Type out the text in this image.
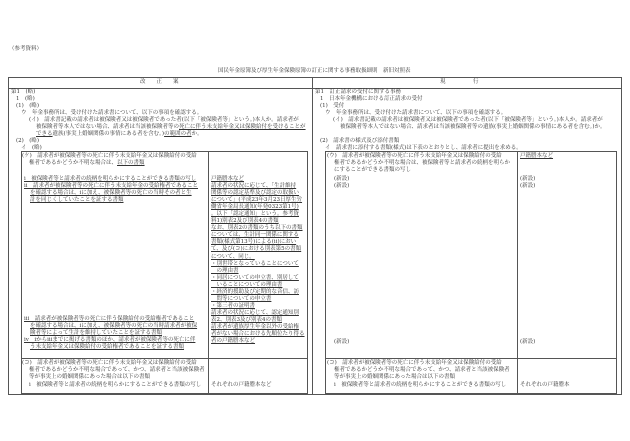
（参考資料）
国民年金原簿及び厚生年金保険原簿の訂正に関する事務取扱細則　新旧対照表
改　　正　　案	現　　　　　行
第1　(略)
1　(略)
(1)　(略)
ウ　年金事務所は、受け付けた請求書について、以下の事項を確認する。
(イ)　請求書記載の請求者は被保険者又は被保険者であった者(以下「被保険者等」という。)本人か。請求者が
被保険者等本人ではない場合、請求者は当該被保険者等の死亡に伴う未支給年金又は保険給付を受けることが
できる遺族(事実上婚姻関係の事情にある者を含む。)の範囲の者か。
(2)　(略)
イ　(略)
(ケ)　請求者が被保険者等の死亡に伴う未支給年金又は保険給付の受給
権者であるかどうか不明な場合は、以下の書類
i　被保険者等と請求者の続柄を明らかにすることができる書類の写し
ii　請求者が被保険者等の死亡に伴う未支給年金の受給権者であること
を確認する場合は、iに加え、被保険者等の死亡の当時その者と生
計を同じくしていたことを証する書類
iii　請求者が被保険者等の死亡に伴う保険給付の受給権者であること
を確認する場合は、iに加え、被保険者等の死亡の当時請求者が被保
険者等によって生計を維持していたことを証する書類
iv　iからiiiまでに掲げる書類のほか、請求者が被保険者等の死亡に伴
う未支給年金又は保険給付の受給権者であることを証する書類
戸籍謄本など
請求者の状況に応じて、「生計維持
関係等の認定基準及び認定の取扱い
について」(平成23年3月23日厚生労
働省年金局長通知(年発0323第1号)
。以下「認定通知」という。参考資
料1)別表2及び別表4の書類
なお、別表2の書類のうち以下の書類
については、生計同一関係に関する
書類(様式第13号)による(ii)におい
て、及び(コ)における別表第5の書類
について、同じ。
・別世帯となっていることについて
　の理由書
・同居についての申立書、別居して
　いることについての理由書
・経済的援助及び定期的な音信、訪
　問等についての申立書
・第三者の証明書
請求者の状況に応じて、認定通知別
表2、別表3及び別表4の書類
請求者が遺族厚生年金以外の受給権
者がない場合における先順位たり得る
者の戸籍謄本など
(コ)　請求者が被保険者等の死亡に伴う未支給年金又は保険給付の受給
権者であるかどうか不明な場合であって、かつ、請求者と当該被保険者
等が事実上の婚姻関係にあった場合は以下の書類
i　被保険者等と請求者の続柄を明らかにすることができる書類の写し それぞれの戸籍謄本など
第1　訂正請求の受付に関する事務
1　日本年金機構における訂正請求の受付
(1)　受付
ウ　年金事務所は、受け付けた請求書について、以下の事項を確認する。
(イ)　請求書記載の請求者は被保険者又は被保険者であった者(以下「被保険者等」という。)本人か。請求者が
被保険者等本人ではない場合、請求者は当該被保険者等の遺族(事実上婚姻関係の事情にある者を含む。)か。
(2)　請求書の様式及び添付書類
イ　請求書に添付する書類(様式)は下表のとおりとし、請求者に提出を求める。
(ウ)　請求者が被保険者等の死亡に伴う未支給年金又は保険給付の受給
権者であるかどうか不明な場合は、被保険者等と請求者の続柄を明らか
にすることができる書類の写し
戸籍謄本など
(新設)
(新設)
(新設)
(新設)
(新設)
(新設)
(コ)　請求者が被保険者等の死亡に伴う未支給年金又は保険給付の受給
権者であるかどうか不明な場合であって、かつ、請求者と当該被保険者
等が事実上の婚姻関係にあった場合は以下の書類
i　被保険者等と請求者の続柄を明らかにすることができる書類の写し それぞれの戸籍謄本
